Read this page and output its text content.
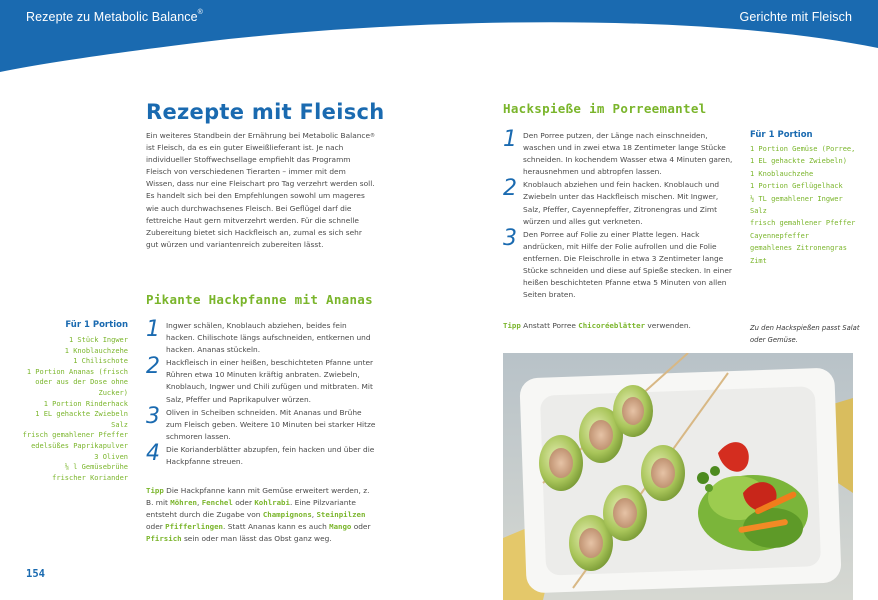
Rezepte zu Metabolic Balance®	Gerichte mit Fleisch
Rezepte mit Fleisch
Ein weiteres Standbein der Ernährung bei Metabolic Balance® ist Fleisch, da es ein guter Eiweißlieferant ist. Je nach individueller Stoffwechsellage empfiehlt das Programm Fleisch von verschiedenen Tierarten – immer mit dem Wissen, dass nur eine Fleischart pro Tag verzehrt werden soll. Es handelt sich bei den Empfehlungen sowohl um mageres wie auch durchwachsenes Fleisch. Bei Geflügel darf die fettreiche Haut gern mitverzehrt werden. Für die schnelle Zubereitung bietet sich Hackfleisch an, zumal es sich sehr gut würzen und variantenreich zubereiten lässt.
Pikante Hackpfanne mit Ananas
Für 1 Portion
1 Stück Ingwer
1 Knoblauchzehe
1 Chilischote
1 Portion Ananas (frisch oder aus der Dose ohne Zucker)
1 Portion Rinderhack
1 EL gehackte Zwiebeln
Salz
frisch gemahlener Pfeffer
edelsüßes Paprikapulver
3 Oliven
⅛ l Gemüsebrühe
frischer Koriander
1 Ingwer schälen, Knoblauch abziehen, beides fein hacken. Chilischote längs aufschneiden, entkernen und hacken. Ananas stückeln.
2 Hackfleisch in einer heißen, beschichteten Pfanne unter Rühren etwa 10 Minuten kräftig anbraten. Zwiebeln, Knoblauch, Ingwer und Chili zufügen und mitbraten. Mit Salz, Pfeffer und Paprikapulver würzen.
3 Oliven in Scheiben schneiden. Mit Ananas und Brühe zum Fleisch geben. Weitere 10 Minuten bei starker Hitze schmoren lassen.
4 Die Korianderblätter abzupfen, fein hacken und über die Hackpfanne streuen.
Tipp Die Hackpfanne kann mit Gemüse erweitert werden, z. B. mit Möhren, Fenchel oder Kohlrabi. Eine Pilzvariante entsteht durch die Zugabe von Champignons, Steinpilzen oder Pfifferlingen. Statt Ananas kann es auch Mango oder Pfirsich sein oder man lässt das Obst ganz weg.
Hackspieße im Porreemantel
1 Den Porree putzen, der Länge nach einschneiden, waschen und in zwei etwa 18 Zentimeter lange Stücke schneiden. In kochendem Wasser etwa 4 Minuten garen, herausnehmen und abtropfen lassen.
2 Knoblauch abziehen und fein hacken. Knoblauch und Zwiebeln unter das Hackfleisch mischen. Mit Ingwer, Salz, Pfeffer, Cayennepfeffer, Zitronengras und Zimt würzen und alles gut verkneten.
3 Den Porree auf Folie zu einer Platte legen. Hack andrücken, mit Hilfe der Folie aufrollen und die Folie entfernen. Die Fleischrolle in etwa 3 Zentimeter lange Stücke schneiden und diese auf Spieße stecken. In einer heißen beschichteten Pfanne etwa 5 Minuten von allen Seiten braten.
Für 1 Portion
1 Portion Gemüse (Porree, 1 EL gehackte Zwiebeln)
1 Knoblauchzehe
1 Portion Geflügelhack
½ TL gemahlener Ingwer
Salz
frisch gemahlener Pfeffer
Cayennepfeffer
gemahlenes Zitronengras
Zimt
Tipp Anstatt Porree Chicoréeblätter verwenden.	Zu den Hackspießen passt Salat oder Gemüse.
154
